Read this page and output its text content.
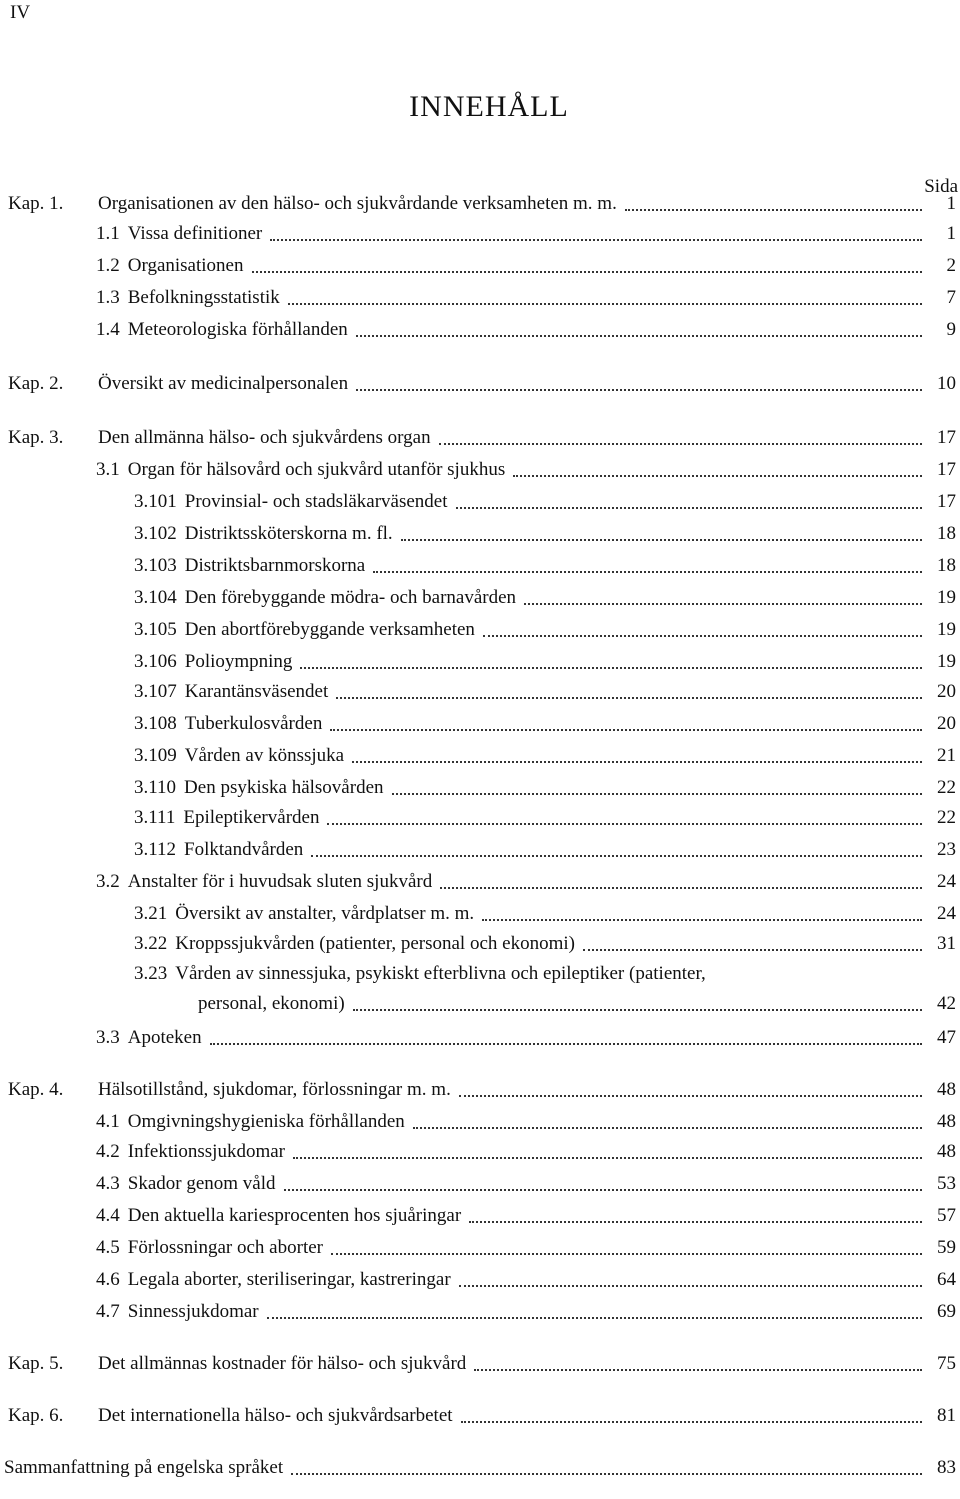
IV
INNEHÅLL
Sida
Kap. 1.	Organisationen av den hälso- och sjukvårdande verksamheten m. m.	1
1.1 Vissa definitioner	1
1.2 Organisationen	2
1.3 Befolkningsstatistik	7
1.4 Meteorologiska förhållanden	9
Kap. 2.	Översikt av medicinalpersonalen	10
Kap. 3.	Den allmänna hälso- och sjukvårdens organ	17
3.1 Organ för hälsovård och sjukvård utanför sjukhus	17
3.101 Provinsial- och stadsläkarväsendet	17
3.102 Distriktssköterskorna m. fl.	18
3.103 Distriktsbarnmorskorna	18
3.104 Den förebyggande mödra- och barnavården	19
3.105 Den abortförebyggande verksamheten	19
3.106 Polioympning	19
3.107 Karantänsväsendet	20
3.108 Tuberkulosvården	20
3.109 Vården av könssjuka	21
3.110 Den psykiska hälsovården	22
3.111 Epileptikervården	22
3.112 Folktandvården	23
3.2 Anstalter för i huvudsak sluten sjukvård	24
3.21 Översikt av anstalter, vårdplatser m. m.	24
3.22 Kroppssjukvården (patienter, personal och ekonomi)	31
3.23 Vården av sinnessjuka, psykiskt efterblivna och epileptiker (patienter,
personal, ekonomi)	42
3.3 Apoteken	47
Kap. 4.	Hälsotillstånd, sjukdomar, förlossningar m. m.	48
4.1 Omgivningshygieniska förhållanden	48
4.2 Infektionssjukdomar	48
4.3 Skador genom våld	53
4.4 Den aktuella kariesprocenten hos sjuåringar	57
4.5 Förlossningar och aborter	59
4.6 Legala aborter, steriliseringar, kastreringar	64
4.7 Sinnessjukdomar	69
Kap. 5.	Det allmännas kostnader för hälso- och sjukvård	75
Kap. 6.	Det internationella hälso- och sjukvårdsarbetet	81
Sammanfattning på engelska språket	83
